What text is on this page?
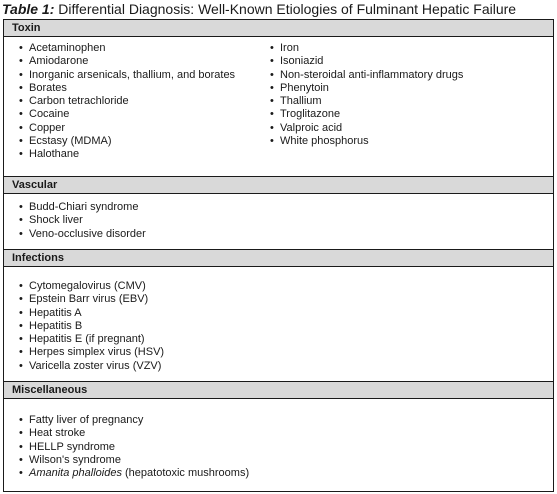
Table 1: Differential Diagnosis: Well-Known Etiologies of Fulminant Hepatic Failure
Toxin
• Acetaminophen
• Amiodarone
• Inorganic arsenicals, thallium, and borates
• Borates
• Carbon tetrachloride
• Cocaine
• Copper
• Ecstasy (MDMA)
• Halothane
• Iron
• Isoniazid
• Non-steroidal anti-inflammatory drugs
• Phenytoin
• Thallium
• Troglitazone
• Valproic acid
• White phosphorus
Vascular
• Budd-Chiari syndrome
• Shock liver
• Veno-occlusive disorder
Infections
• Cytomegalovirus (CMV)
• Epstein Barr virus (EBV)
• Hepatitis A
• Hepatitis B
• Hepatitis E (if pregnant)
• Herpes simplex virus (HSV)
• Varicella zoster virus (VZV)
Miscellaneous
• Fatty liver of pregnancy
• Heat stroke
• HELLP syndrome
• Wilson's syndrome
• Amanita phalloides (hepatotoxic mushrooms)
